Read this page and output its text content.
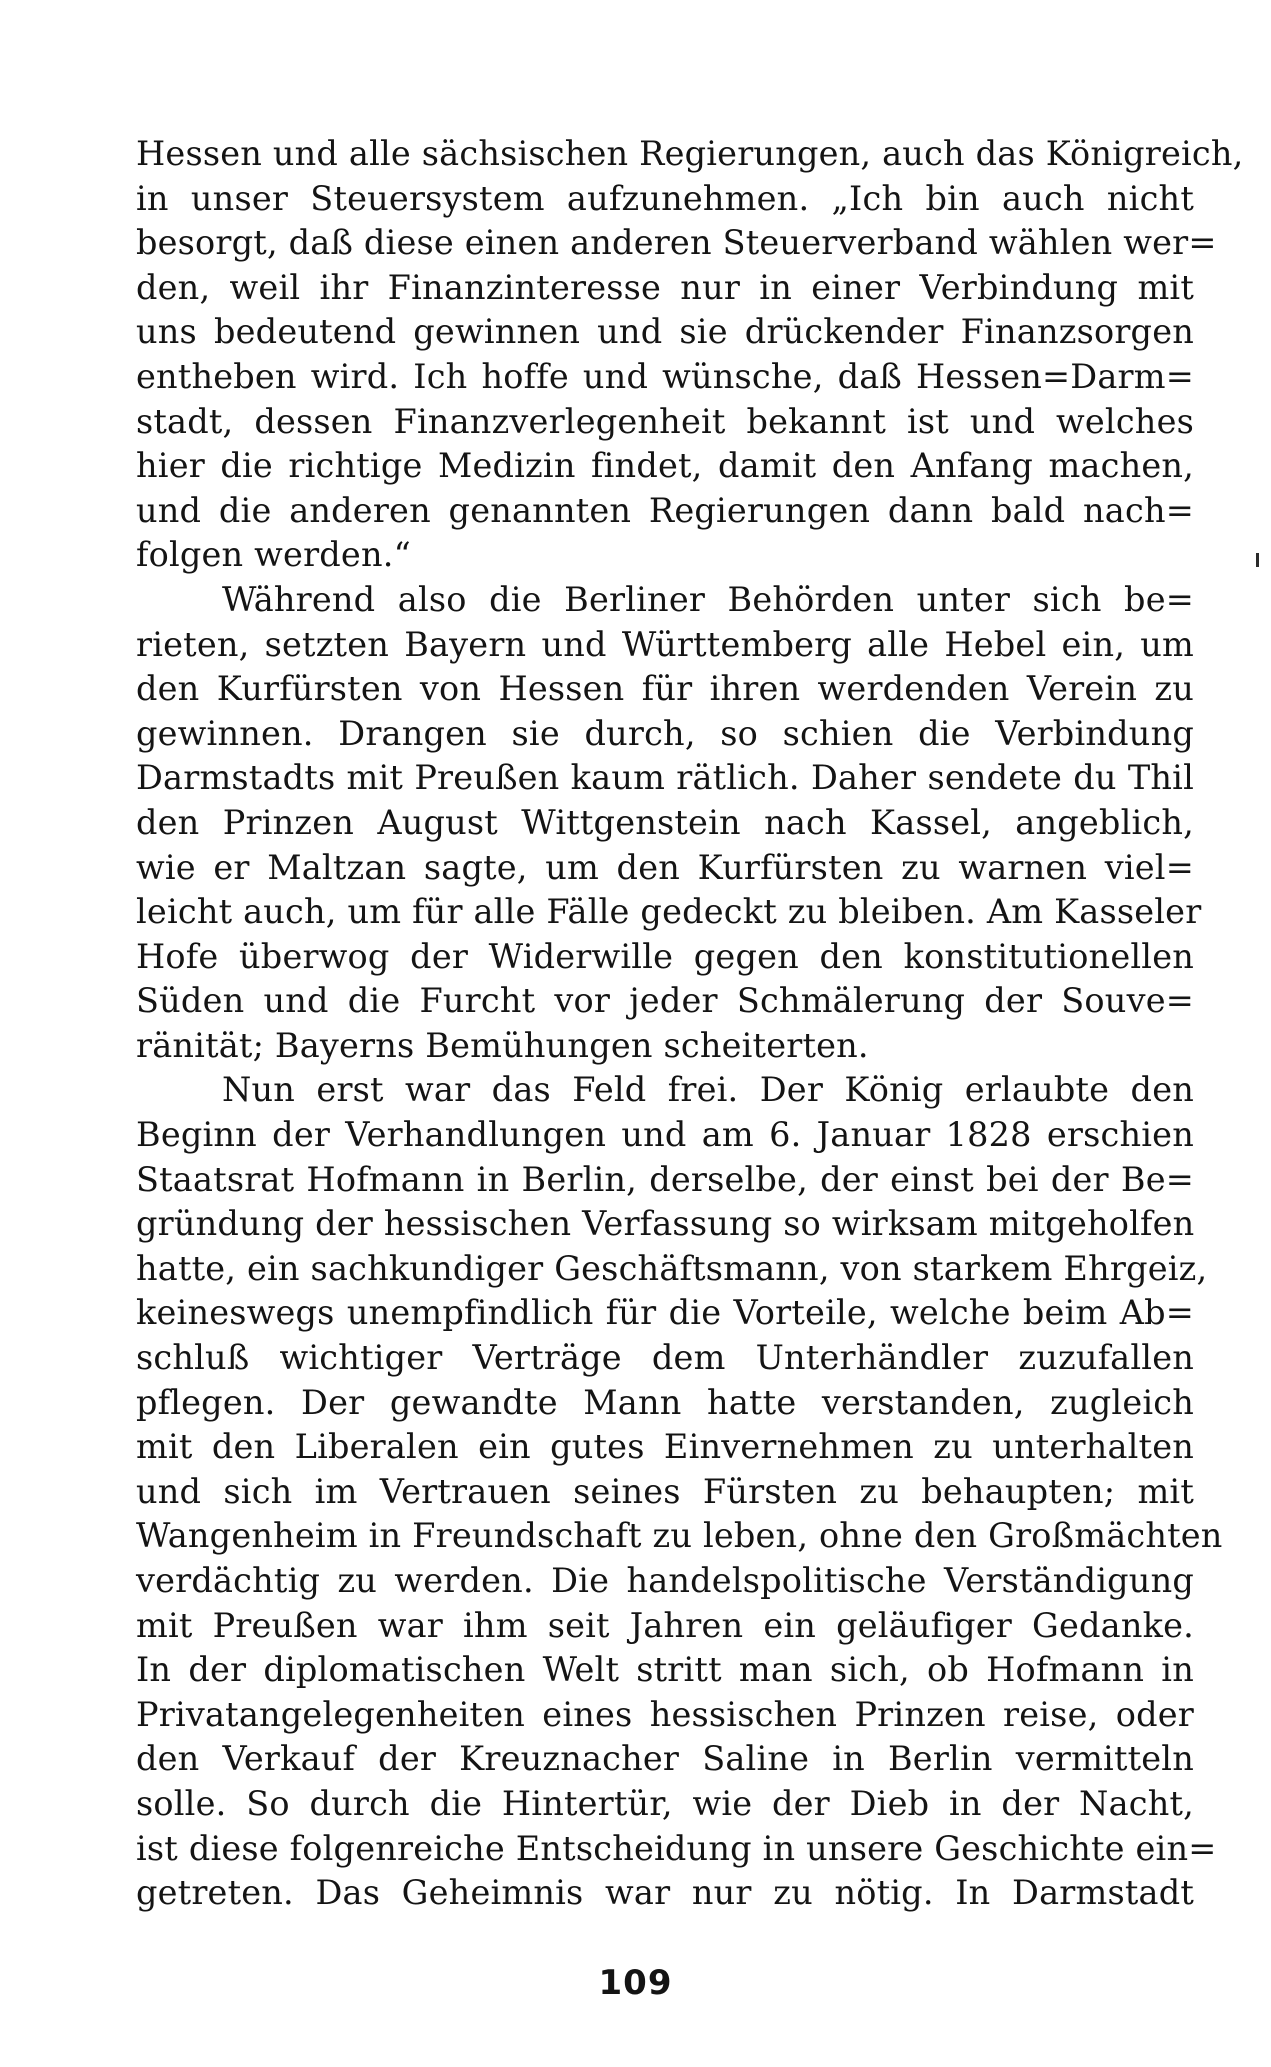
Hessen und alle sächsischen Regierungen, auch das Königreich,
in unser Steuersystem aufzunehmen. „Ich bin auch nicht
besorgt, daß diese einen anderen Steuerverband wählen wer=
den, weil ihr Finanzinteresse nur in einer Verbindung mit
uns bedeutend gewinnen und sie drückender Finanzsorgen
entheben wird. Ich hoffe und wünsche, daß Hessen=Darm=
stadt, dessen Finanzverlegenheit bekannt ist und welches
hier die richtige Medizin findet, damit den Anfang machen,
und die anderen genannten Regierungen dann bald nach=
folgen werden.“
Während also die Berliner Behörden unter sich be=
rieten, setzten Bayern und Württemberg alle Hebel ein, um
den Kurfürsten von Hessen für ihren werdenden Verein zu
gewinnen. Drangen sie durch, so schien die Verbindung
Darmstadts mit Preußen kaum rätlich. Daher sendete du Thil
den Prinzen August Wittgenstein nach Kassel, angeblich,
wie er Maltzan sagte, um den Kurfürsten zu warnen viel=
leicht auch, um für alle Fälle gedeckt zu bleiben. Am Kasseler
Hofe überwog der Widerwille gegen den konstitutionellen
Süden und die Furcht vor jeder Schmälerung der Souve=
ränität; Bayerns Bemühungen scheiterten.
Nun erst war das Feld frei. Der König erlaubte den
Beginn der Verhandlungen und am 6. Januar 1828 erschien
Staatsrat Hofmann in Berlin, derselbe, der einst bei der Be=
gründung der hessischen Verfassung so wirksam mitgeholfen
hatte, ein sachkundiger Geschäftsmann, von starkem Ehrgeiz,
keineswegs unempfindlich für die Vorteile, welche beim Ab=
schluß wichtiger Verträge dem Unterhändler zuzufallen
pflegen. Der gewandte Mann hatte verstanden, zugleich
mit den Liberalen ein gutes Einvernehmen zu unterhalten
und sich im Vertrauen seines Fürsten zu behaupten; mit
Wangenheim in Freundschaft zu leben, ohne den Großmächten
verdächtig zu werden. Die handelspolitische Verständigung
mit Preußen war ihm seit Jahren ein geläufiger Gedanke.
In der diplomatischen Welt stritt man sich, ob Hofmann in
Privatangelegenheiten eines hessischen Prinzen reise, oder
den Verkauf der Kreuznacher Saline in Berlin vermitteln
solle. So durch die Hintertür, wie der Dieb in der Nacht,
ist diese folgenreiche Entscheidung in unsere Geschichte ein=
getreten. Das Geheimnis war nur zu nötig. In Darmstadt
109
